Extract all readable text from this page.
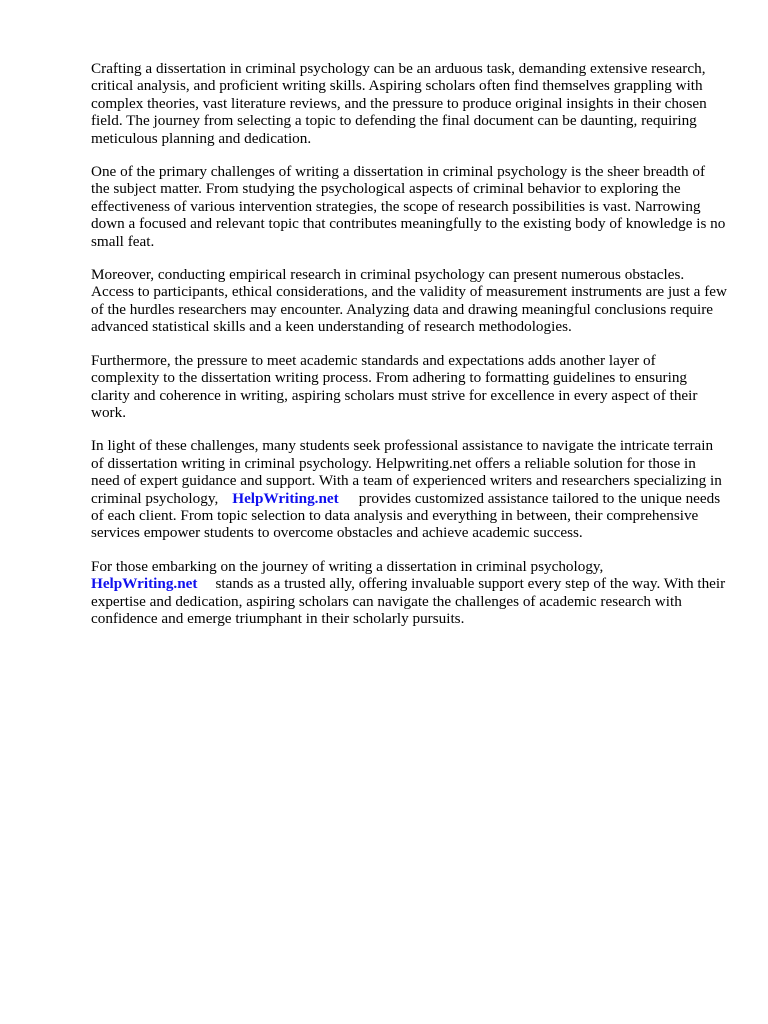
Crafting a dissertation in criminal psychology can be an arduous task, demanding extensive research, critical analysis, and proficient writing skills. Aspiring scholars often find themselves grappling with complex theories, vast literature reviews, and the pressure to produce original insights in their chosen field. The journey from selecting a topic to defending the final document can be daunting, requiring meticulous planning and dedication.

One of the primary challenges of writing a dissertation in criminal psychology is the sheer breadth of the subject matter. From studying the psychological aspects of criminal behavior to exploring the effectiveness of various intervention strategies, the scope of research possibilities is vast. Narrowing down a focused and relevant topic that contributes meaningfully to the existing body of knowledge is no small feat.

Moreover, conducting empirical research in criminal psychology can present numerous obstacles. Access to participants, ethical considerations, and the validity of measurement instruments are just a few of the hurdles researchers may encounter. Analyzing data and drawing meaningful conclusions require advanced statistical skills and a keen understanding of research methodologies.

Furthermore, the pressure to meet academic standards and expectations adds another layer of complexity to the dissertation writing process. From adhering to formatting guidelines to ensuring clarity and coherence in writing, aspiring scholars must strive for excellence in every aspect of their work.

In light of these challenges, many students seek professional assistance to navigate the intricate terrain of dissertation writing in criminal psychology. Helpwriting.net offers a reliable solution for those in need of expert guidance and support. With a team of experienced writers and researchers specializing in criminal psychology, HelpWriting.net provides customized assistance tailored to the unique needs of each client. From topic selection to data analysis and everything in between, their comprehensive services empower students to overcome obstacles and achieve academic success.

For those embarking on the journey of writing a dissertation in criminal psychology,
HelpWriting.net stands as a trusted ally, offering invaluable support every step of the way. With their expertise and dedication, aspiring scholars can navigate the challenges of academic research with confidence and emerge triumphant in their scholarly pursuits.
